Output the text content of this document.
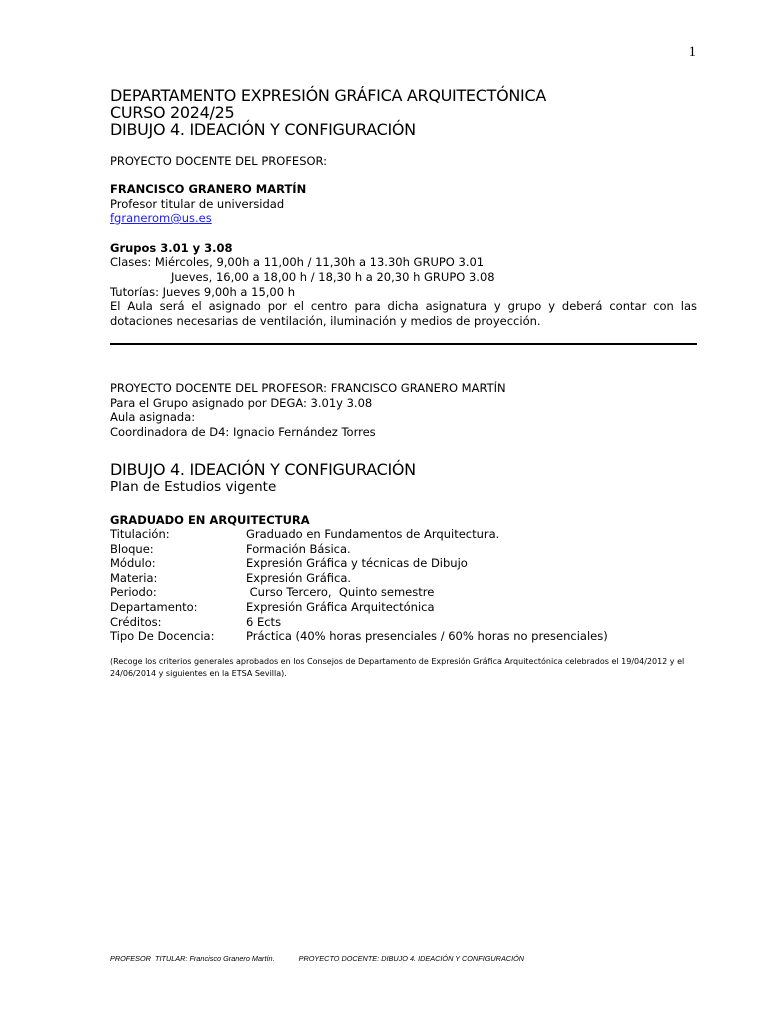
1
DEPARTAMENTO EXPRESIÓN GRÁFICA ARQUITECTÓNICA
CURSO 2024/25
DIBUJO 4. IDEACIÓN Y CONFIGURACIÓN
PROYECTO DOCENTE DEL PROFESOR:
FRANCISCO GRANERO MARTÍN
Profesor titular de universidad
fgranerom@us.es
Grupos 3.01 y 3.08
Clases: Miércoles, 9,00h a 11,00h / 11,30h a 13.30h GRUPO 3.01
Jueves, 16,00 a 18,00 h / 18,30 h a 20,30 h GRUPO 3.08
Tutorías: Jueves 9,00h a 15,00 h
El Aula será el asignado por el centro para dicha asignatura y grupo y deberá contar con las dotaciones necesarias de ventilación, iluminación y medios de proyección.
PROYECTO DOCENTE DEL PROFESOR: FRANCISCO GRANERO MARTÍN
Para el Grupo asignado por DEGA: 3.01y 3.08
Aula asignada:
Coordinadora de D4: Ignacio Fernández Torres
DIBUJO 4. IDEACIÓN Y CONFIGURACIÓN
Plan de Estudios vigente
GRADUADO EN ARQUITECTURA
Titulación:	Graduado en Fundamentos de Arquitectura.
Bloque:	Formación Básica.
Módulo:	Expresión Gráfica y técnicas de Dibujo
Materia:	Expresión Gráfica.
Periodo:	Curso Tercero,  Quinto semestre
Departamento:	Expresión Gráfica Arquitectónica
Créditos:	6 Ects
Tipo De Docencia:	Práctica (40% horas presenciales / 60% horas no presenciales)
(Recoge los criterios generales aprobados en los Consejos de Departamento de Expresión Gráfica Arquitectónica celebrados el 19/04/2012 y el 24/06/2014 y siguientes en la ETSA Sevilla).
PROFESOR  TITULAR: Francisco Granero Martín.	PROYECTO DOCENTE: DIBUJO 4. IDEACIÓN Y CONFIGURACIÓN
